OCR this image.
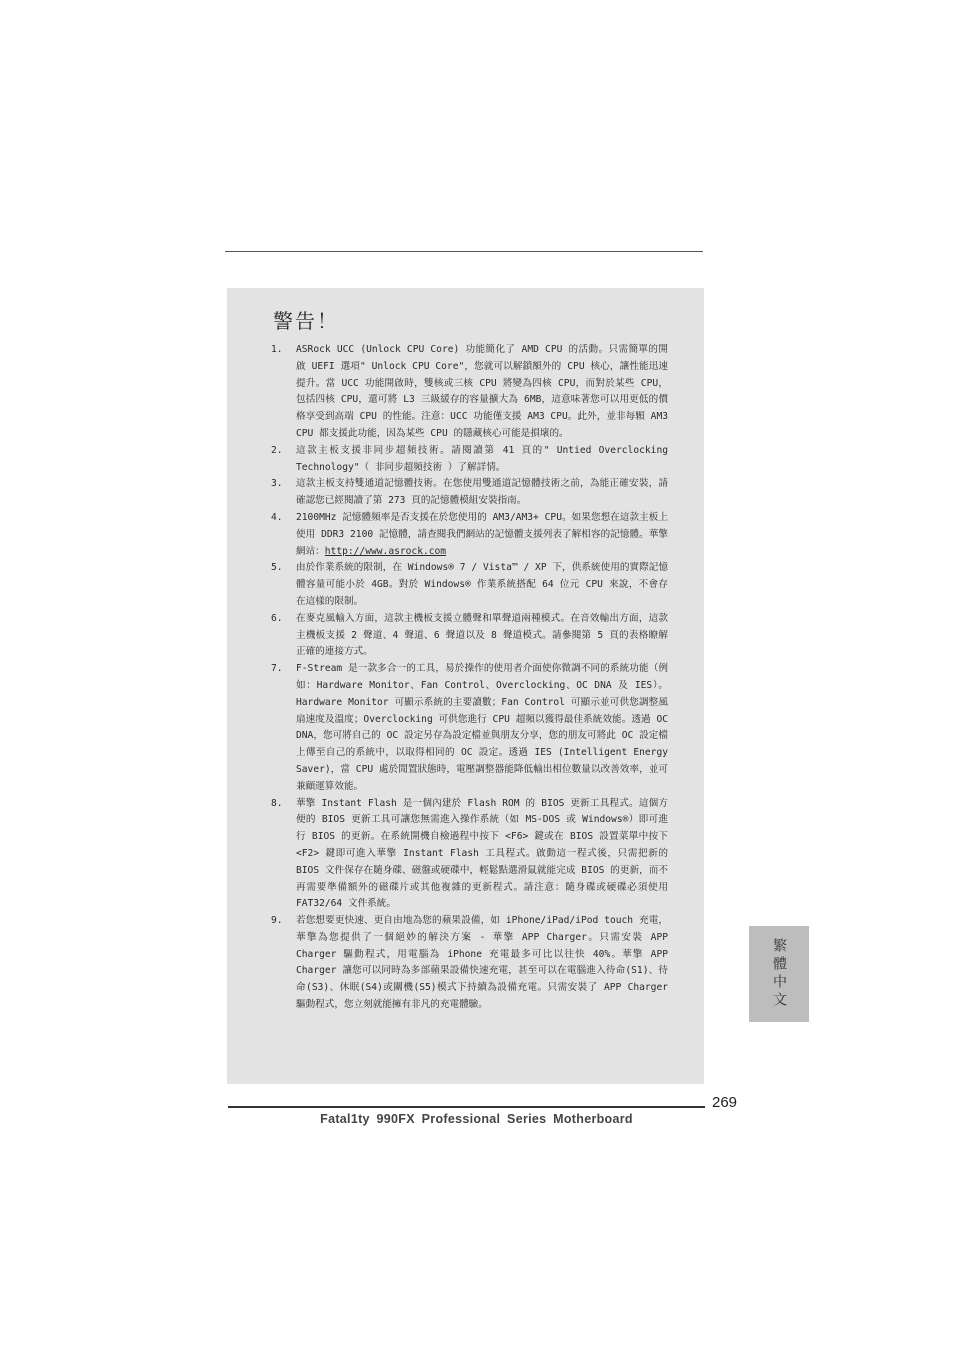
警告！
1. ASRock UCC (Unlock CPU Core) 功能簡化了 AMD CPU 的活動。只需簡單的開啟 UEFI 選項" Unlock CPU Core"，您就可以解鎖額外的 CPU 核心，讓性能迅速提升。當 UCC 功能開啟時，雙核或三核 CPU 將變為四核 CPU，而對於某些 CPU，包括四核 CPU，還可將 L3 三級緩存的容量擴大為 6MB，這意味著您可以用更低的價格享受到高端 CPU 的性能。注意：UCC 功能僅支援 AM3 CPU。此外，並非每顆 AM3 CPU 都支援此功能，因為某些 CPU 的隱藏核心可能是損壞的。
2. 這款主板支援非同步超頻技術。請閱讀第 41 頁的" Untied Overclocking Technology"（ 非同步超頻技術 ）了解詳情。
3. 這款主板支持雙通道記憶體技術。在您使用雙通道記憶體技術之前，為能正確安裝，請確認您已經閱讀了第 273 頁的記憶體模組安裝指南。
4. 2100MHz 記憶體頻率是否支援在於您使用的 AM3/AM3+ CPU。如果您想在這款主板上使用 DDR3 2100 記憶體，請查閱我們網站的記憶體支援列表了解相容的記憶體。華擎網站：http://www.asrock.com
5. 由於作業系統的限制，在 Windows® 7 / Vista™ / XP 下，供系統使用的實際記憶體容量可能小於 4GB。對於 Windows® 作業系統搭配 64 位元 CPU 來說，不會存在這樣的限制。
6. 在麥克風輸入方面，這款主機板支援立體聲和單聲道兩種模式。在音效輸出方面，這款主機板支援 2 聲道、4 聲道、6 聲道以及 8 聲道模式。請參閱第 5 頁的表格瞭解正確的連接方式。
7. F-Stream 是一款多合一的工具，易於操作的使用者介面使你微調不同的系統功能（例如：Hardware Monitor、Fan Control、Overclocking、OC DNA 及 IES）。Hardware Monitor 可顯示系統的主要讀數；Fan Control 可顯示並可供您調整風扇速度及溫度；Overclocking 可供您進行 CPU 超頻以獲得最佳系統效能。透過 OC DNA，您可將自己的 OC 設定另存為設定檔並與朋友分享，您的朋友可將此 OC 設定檔上傳至自己的系統中，以取得相同的 OC 設定。透過 IES (Intelligent Energy Saver)，當 CPU 處於閒置狀態時，電壓調整器能降低輸出相位數量以改善效率，並可兼顧運算效能。
8. 華擎 Instant Flash 是一個內建於 Flash ROM 的 BIOS 更新工具程式。這個方便的 BIOS 更新工具可讓您無需進入操作系統（如 MS-DOS 或 Windows®）即可進行 BIOS 的更新。在系統開機自檢過程中按下 <F6> 鍵或在 BIOS 設置菜單中按下 <F2> 鍵即可進入華擎 Instant Flash 工具程式。啟動這一程式後，只需把新的 BIOS 文件保存在隨身碟、磁盤或硬碟中，輕鬆點選滑鼠就能完成 BIOS 的更新，而不再需要準備額外的磁碟片或其他複雜的更新程式。請注意：隨身碟或硬碟必須使用 FAT32/64 文件系統。
9. 若您想要更快速、更自由地為您的蘋果設備，如 iPhone/iPad/iPod touch 充電，華擎為您提供了一個絕妙的解決方案 - 華擎 APP Charger。只需安裝 APP Charger 驅動程式，用電腦為 iPhone 充電最多可比以往快 40%。華擎 APP Charger 讓您可以同時為多部蘋果設備快速充電，甚至可以在電腦進入待命(S1)、待命(S3)、休眠(S4)或關機(S5)模式下持續為設備充電。只需安裝了 APP Charger 驅動程式，您立刻就能擁有非凡的充電體驗。	繁體中文
269
Fatal1ty 990FX Professional Series Motherboard
